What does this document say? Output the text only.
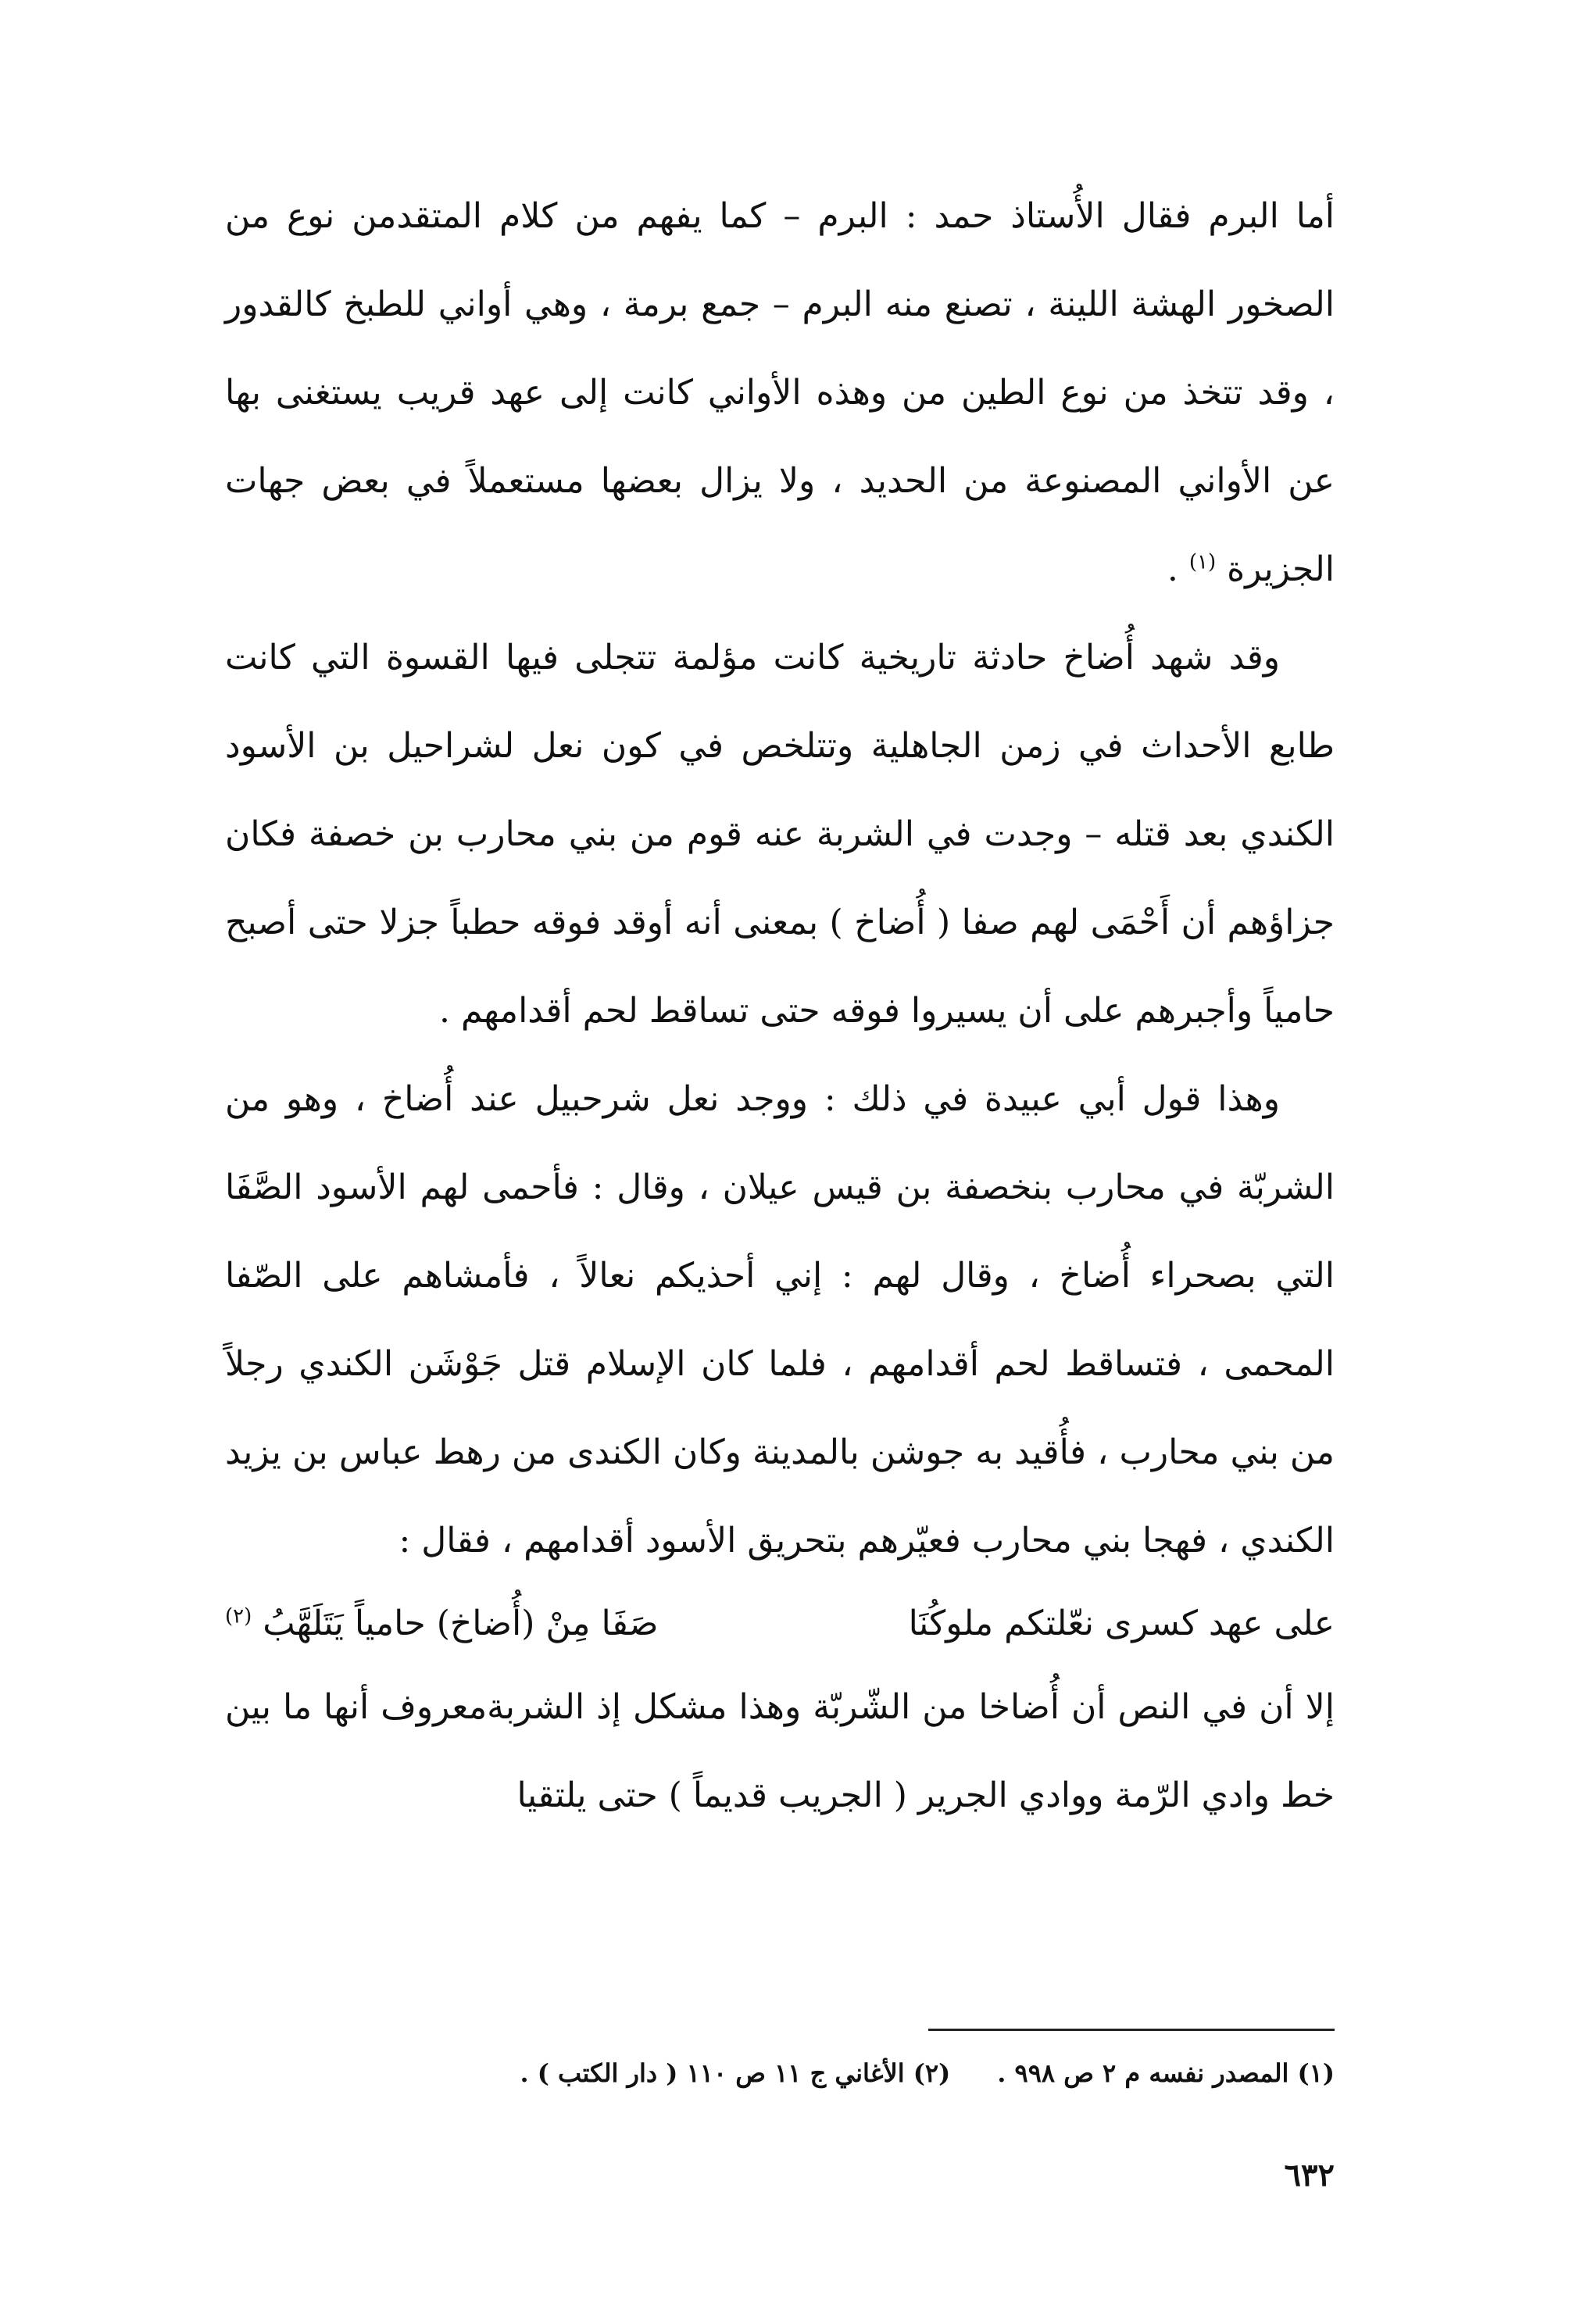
أما البرم فقال الأُستاذ حمد : البرم – كما يفهم من كلام المتقدمن نوع من الصخور الهشة اللينة ، تصنع منه البرم – جمع برمة ، وهي أواني للطبخ كالقدور ، وقد تتخذ من نوع الطين من وهذه الأواني كانت إلى عهد قريب يستغنى بها عن الأواني المصنوعة من الحديد ، ولا يزال بعضها مستعملاً في بعض جهات الجزيرة $^{(١)}$ .

وقد شهد أُضاخ حادثة تاريخية كانت مؤلمة تتجلى فيها القسوة التي كانت طابع الأحداث في زمن الجاهلية وتتلخص في كون نعل لشراحيل بن الأسود الكندي بعد قتله – وجدت في الشربة عنه قوم من بني محارب بن خصفة فكان جزاؤهم أن أَحْمَى لهم صفا ( أُضاخ ) بمعنى أنه أوقد فوقه حطباً جزلا حتى أصبح حامياً وأجبرهم على أن يسيروا فوقه حتى تساقط لحم أقدامهم .

وهذا قول أبي عبيدة في ذلك : ووجد نعل شرحبيل عند أُضاخ ، وهو من الشربّة في محارب بنخصفة بن قيس عيلان ، وقال : فأحمى لهم الأسود الصَّفَا التي بصحراء أُضاخ ، وقال لهم : إني أحذيكم نعالاً ، فأمشاهم على الصّفا المحمى ، فتساقط لحم أقدامهم ، فلما كان الإسلام قتل جَوْشَن الكندي رجلاً من بني محارب ، فأُقيد به جوشن بالمدينة وكان الكندى من رهط عباس بن يزيد الكندي ، فهجا بني محارب فعيّرهم بتحريق الأسود أقدامهم ، فقال :

على عهد كسرى نعّلتكم ملوكُنَا
صَفَا مِنْ (أُضاخ) حامياً يَتَلَهَّبُ $^{(٢)}$

إلا أن في النص أن أُضاخا من الشّربّة وهذا مشكل إذ الشربةمعروف أنها ما بين خط وادي الرّمة ووادي الجرير ( الجريب قديماً ) حتى يلتقيا

(١) المصدر نفسه م ٢ ص ٩٩٨ .
(٢) الأغاني ج ١١ ص ١١٠ ( دار الكتب ) .
٦٣٢
